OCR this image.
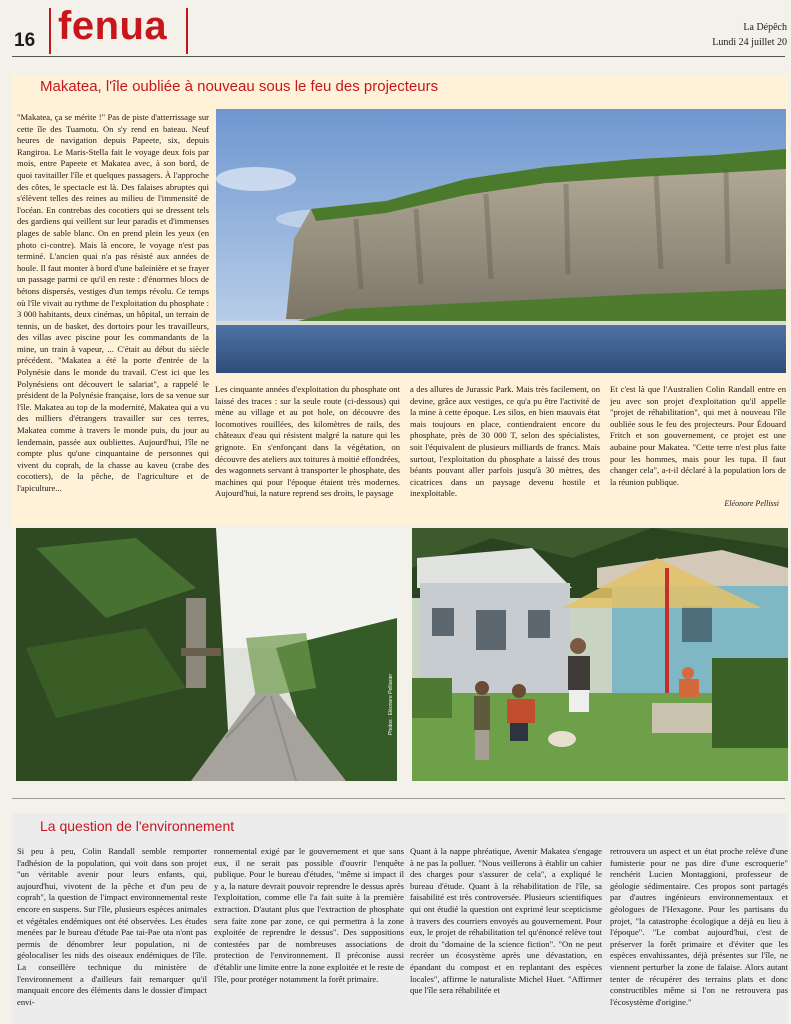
16 fenua	La Dépêch
Lundi 24 juillet 20
Makatea, l'île oubliée à nouveau sous le feu des projecteurs

"Makatea, ça se mérite !" Pas de piste d'atterrissage sur cette île des Tuamotu. On s'y rend en bateau. Neuf heures de navigation depuis Papeete, six, depuis Rangiroa. Le Maris-Stella fait le voyage deux fois par mois, entre Papeete et Makatea avec, à son bord, de quoi ravitailler l'île et quelques passagers. À l'approche des côtes, le spectacle est là. Des falaises abruptes qui s'élèvent telles des reines au milieu de l'immensité de l'océan. En contrebas des cocotiers qui se dressent tels des gardiens qui veillent sur leur paradis et d'immenses plages de sable blanc. On en prend plein les yeux (en photo ci-contre). Mais là encore, le voyage n'est pas terminé. L'ancien quai n'a pas résisté aux années de houle. Il faut monter à bord d'une baleinière et se frayer un passage parmi ce qu'il en reste : d'énormes blocs de bétons dispersés, vestiges d'un temps révolu. Ce temps où l'île vivait au rythme de l'exploitation du phosphate : 3 000 habitants, deux cinémas, un hôpital, un terrain de tennis, un de basket, des dortoirs pour les travailleurs, des villas avec piscine pour les commandants de la mine, un train à vapeur, ... C'était au début du siècle précédent. "Makatea a été la porte d'entrée de la Polynésie dans le monde du travail. C'est ici que les Polynésiens ont découvert le salariat", a rappelé le président de la Polynésie française, lors de sa venue sur l'île. Makatea au top de la modernité, Makatea qui a vu des milliers d'étrangers travailler sur ces terres, Makatea comme à travers le monde puis, du jour au lendemain, passée aux oubliettes. Aujourd'hui, l'île ne compte plus qu'une cinquantaine de personnes qui vivent du coprah, de la chasse au kaveu (crabe des cocotiers), de la pêche, de l'agriculture et de l'apiculture...

Les cinquante années d'exploitation du phosphate ont laissé des traces : sur la seule route (ci-dessous) qui mène au village et au pot hole, on découvre des locomotives rouillées, des kilomètres de rails, des châteaux d'eau qui résistent malgré la nature qui les grignote. En s'enfonçant dans la végétation, on découvre des ateliers aux toitures à moitié effondrées, des wagonnets servant à transporter le phosphate, des machines qui pour l'époque étaient très modernes. Aujourd'hui, la nature reprend ses droits, le paysage

a des allures de Jurassic Park. Mais très facilement, on devine, grâce aux vestiges, ce qu'a pu être l'activité de la mine à cette époque. Les silos, en bien mauvais état mais toujours en place, contiendraient encore du phosphate, près de 30 000 T, selon des spécialistes, soit l'équivalent de plusieurs milliards de francs. Mais surtout, l'exploitation du phosphate a laissé des trous béants pouvant aller parfois jusqu'à 30 mètres, des cicatrices dans un paysage devenu hostile et inexploitable.

Et c'est là que l'Australien Colin Randall entre en jeu avec son projet d'exploitation qu'il appelle "projet de réhabilitation", qui met à nouveau l'île oubliée sous le feu des projecteurs. Pour Édouard Fritch et son gouvernement, ce projet est une aubaine pour Makatea. "Cette terre n'est plus faite pour les hommes, mais pour les tupa. Il faut changer cela", a-t-il déclaré à la population lors de la réunion publique.

Eléonore Pellissi
Photos : Eléonore Pellissier
La question de l'environnement

Si peu à peu, Colin Randall semble remporter l'adhésion de la population, qui voit dans son projet "un véritable avenir pour leurs enfants, qui, aujourd'hui, vivotent de la pêche et d'un peu de coprah", la question de l'impact environnemental reste encore en suspens. Sur l'île, plusieurs espèces animales et végétales endémiques ont été observées. Les études menées par le bureau d'étude Pae tai-Pae uta n'ont pas permis de dénombrer leur population, ni de géolocaliser les nids des oiseaux endémiques de l'île. La conseillère technique du ministère de l'environnement a d'ailleurs fait remarquer qu'il manquait encore des éléments dans le dossier d'impact envi-

ronnemental exigé par le gouvernement et que sans eux, il ne serait pas possible d'ouvrir l'enquête publique. Pour le bureau d'études, "même si impact il y a, la nature devrait pouvoir reprendre le dessus après l'exploitation, comme elle l'a fait suite à la première extraction. D'autant plus que l'extraction de phosphate sera faite zone par zone, ce qui permettra à la zone exploitée de reprendre le dessus". Des suppositions contestées par de nombreuses associations de protection de l'environnement. Il préconise aussi d'établir une limite entre la zone exploitée et le reste de l'île, pour protéger notamment la forêt primaire.

Quant à la nappe phréatique, Avenir Makatea s'engage à ne pas la polluer. "Nous veillerons à établir un cahier des charges pour s'assurer de cela", a expliqué le bureau d'étude. Quant à la réhabilitation de l'île, sa faisabilité est très controversée. Plusieurs scientifiques qui ont étudié la question ont exprimé leur scepticisme à travers des courriers envoyés au gouvernement. Pour eux, le projet de réhabilitation tel qu'énoncé relève tout droit du "domaine de la science fiction". "On ne peut recréer un écosystème après une dévastation, en épandant du compost et en replantant des espèces locales", affirme le naturaliste Michel Huet. "Affirmer que l'île sera réhabilitée et

retrouvera un aspect et un état proche relève d'une fumisterie pour ne pas dire d'une escroquerie" renchérit Lucien Montaggioni, professeur de géologie sédimentaire. Ces propos sont partagés par d'autres ingénieurs environnementaux et géologues de l'Hexagone. Pour les partisans du projet, "la catastrophe écologique a déjà eu lieu à l'époque". "Le combat aujourd'hui, c'est de préserver la forêt primaire et d'éviter que les espèces envahissantes, déjà présentes sur l'île, ne viennent perturber la zone de falaise. Alors autant tenter de récupérer des terrains plats et donc constructibles même si l'on ne retrouvera pas l'écosystème d'origine."
